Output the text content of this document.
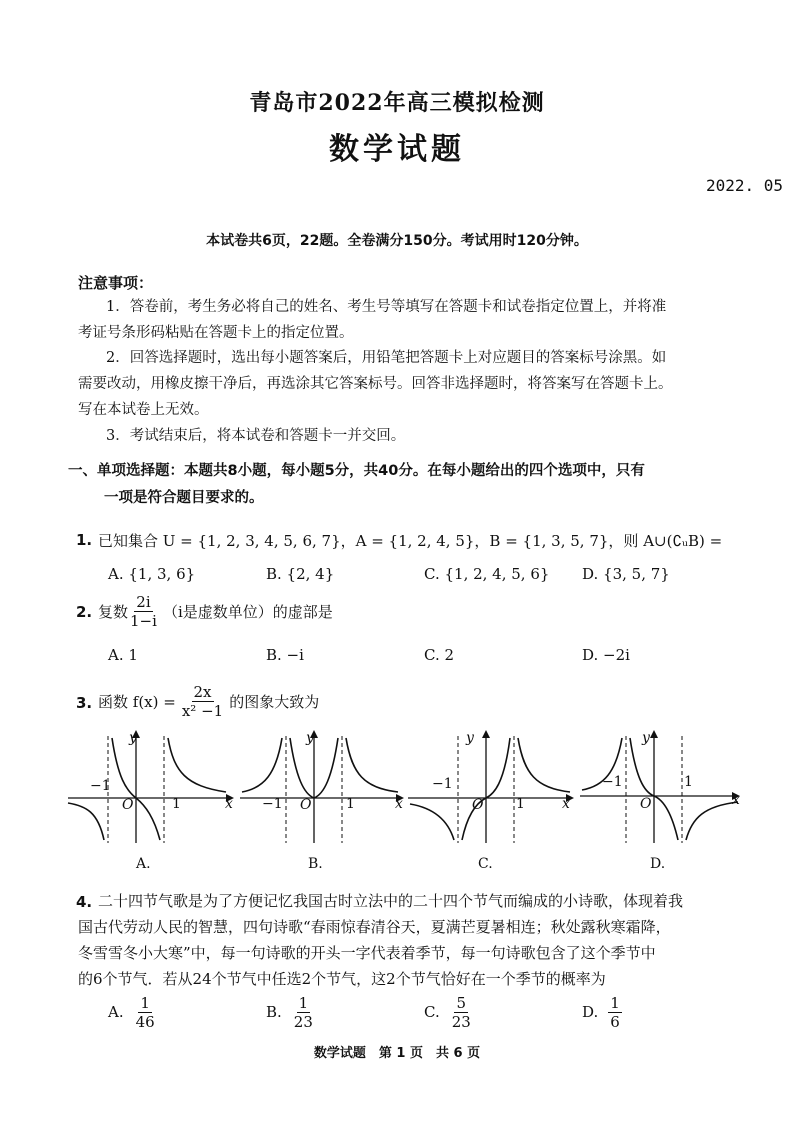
青岛市2022年高三模拟检测
数学试题
2022. 05
本试卷共6页，22题。全卷满分150分。考试用时120分钟。
注意事项：
1．答卷前，考生务必将自己的姓名、考生号等填写在答题卡和试卷指定位置上，并将准
考证号条形码粘贴在答题卡上的指定位置。
2．回答选择题时，选出每小题答案后，用铅笔把答题卡上对应题目的答案标号涂黑。如
需要改动，用橡皮擦干净后，再选涂其它答案标号。回答非选择题时，将答案写在答题卡上。
写在本试卷上无效。
3．考试结束后，将本试卷和答题卡一并交回。
一、单项选择题：本题共8小题，每小题5分，共40分。在每小题给出的四个选项中，只有
一项是符合题目要求的。
1. 已知集合 U = {1, 2, 3, 4, 5, 6, 7}，A = {1, 2, 4, 5}，B = {1, 3, 5, 7}，则 A∪(∁ᵤB) =
A. {1, 3, 6}	B. {2, 4}	C. {1, 2, 4, 5, 6} D. {3, 5, 7}
2. 复数 $\frac{2i}{1-i} (i$是虚数单位）的虚部是
A. 1	B. −i	C. 2	D. −2i
3. 函数 $f(x) = \frac{2x}{\text{x² −1}}$ 的图象大致为
y
−1
O	1	x
A.
y
−1 O 1	x
B.
y
−1
O 1	x
C.
y
−1
O
1
x
D.
4. 二十四节气歌是为了方便记忆我国古时立法中的二十四个节气而编成的小诗歌，体现着我
国古代劳动人民的智慧，四句诗歌“春雨惊春清谷天，夏满芒夏暑相连；秋处露秋寒霜降，
冬雪雪冬小大寒”中，每一句诗歌的开头一字代表着季节，每一句诗歌包含了这个季节中
的6个节气．若从24个节气中任选2个节气，这2个节气恰好在一个季节的概率为
A. $\frac{1}{46}$	B. $\frac{1}{23}$	C. $\frac{5}{23}$	D. $\frac{1}{6}$
数学试题　第 1 页　共 6 页
